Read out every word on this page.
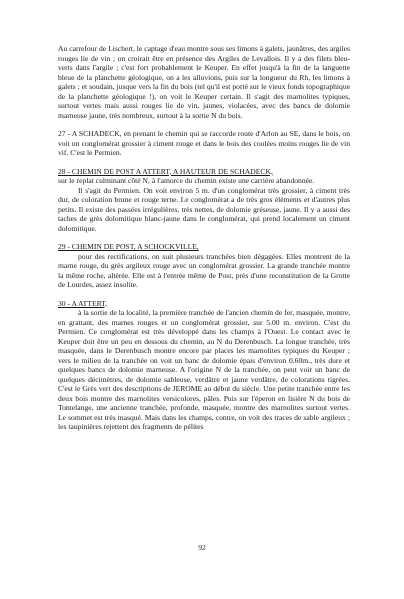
Au carrefour de Lischert, le captage d'eau montre sous ses limons à galets, jaunâtres, des argiles rouges lie de vin ; on croirait être en présence des Argiles de Levallois. Il y a des filets bleu-verts dans l'argile ; c'est fort probablement le Keuper. En effet jusqu'à la fin de la languette bleue de la planchette géologique, on a les alluvions, puis sur la longueur du Rh, les limons à galets ; et soudain, jusque vers la fin du bois (tel qu'il est porté sur le vieux fonds topographique de la planchette géologique !), on voit le Keuper certain. Il s'agit des marnolites typiques, surtout vertes mais aussi rouges lie de vin, jaunes, violacées, avec des bancs de dolomie marneuse jaune, très nombreux, surtout à la sortie N du bois.

27 - A SCHADECK, en prenant le chemin qui se raccorde route d'Arlon au SE, dans le bois, on voit un conglomérat grossier à ciment rouge et dans le bois des coulées moins rouges lie de vin vif. C'est le Permien.

28 - CHEMIN DE POST A ATTERT, A HAUTEUR DE SCHADECK,

sur le replat culminant côté N, à l'amorce du chemin existe une carrière abandonnée.

Il s'agit du Permien. On voit environ 5 m. d'un conglomérat très grossier, à ciment très dur, de coloration brune et rouge terne. Le conglomérat a de très gros éléments et d'autres plus petits. Il existe des passées irrégulières, très nettes, de dolomie gréseuse, jaune. Il y a aussi des taches de grès dolomitique blanc-jaune dans le conglomérat, qui prend localement un ciment dolomitique.

29 - CHEMIN DE POST, A SCHOCKVILLE,

pour des rectifications, on suit plusieurs tranchées bien dégagées. Elles montrent de la marne rouge, du grès argileux rouge avec un conglomérat grossier. La grande tranchée montre la même roche, altérée. Elle est à l'entrée même de Post, près d'une reconstitution de la Grotte de Lourdes, assez insolite.

30 - A ATTERT,

à la sortie de la localité, la première tranchée de l'ancien chemin de fer, masquée, montre, en grattant, des marnes rouges et un conglomérat grossier, sur 5.00 m. environ. C'est du Permien. Ce conglomérat est très développé dans les champs à l'Ouest. Le contact avec le Keuper doit être un peu en dessous du chemin, au N du Derenbusch. La longue tranchée, très masquée, dans le Derenbusch montre encore par places les marnolites typiques du Keuper ; vers le milieu de la tranchée on voit un banc de dolomie épais d'environ 0.60m., très dure et quelques bancs de dolomie marneuse. A l'origine N de la tranchée, on peut voir un banc de quelques décimètres, de dolomie sableuse, verdâtre et jaune verdâtre, de colorations tigrées. C'est le Grès vert des descriptions de JEROME au début du siècle. Une petite tranchée entre les deux bois montre des marnolites versicolores, pâles. Puis sur l'éperon en lisière N du bois de Tontelange, une ancienne tranchée, profonde, masquée, montre des marnolites surtout vertes. Le sommet est très masqué. Mais dans les champs, contre, on voit des traces de sable argileux ; les taupinières rejettent des fragments de pélites

92
